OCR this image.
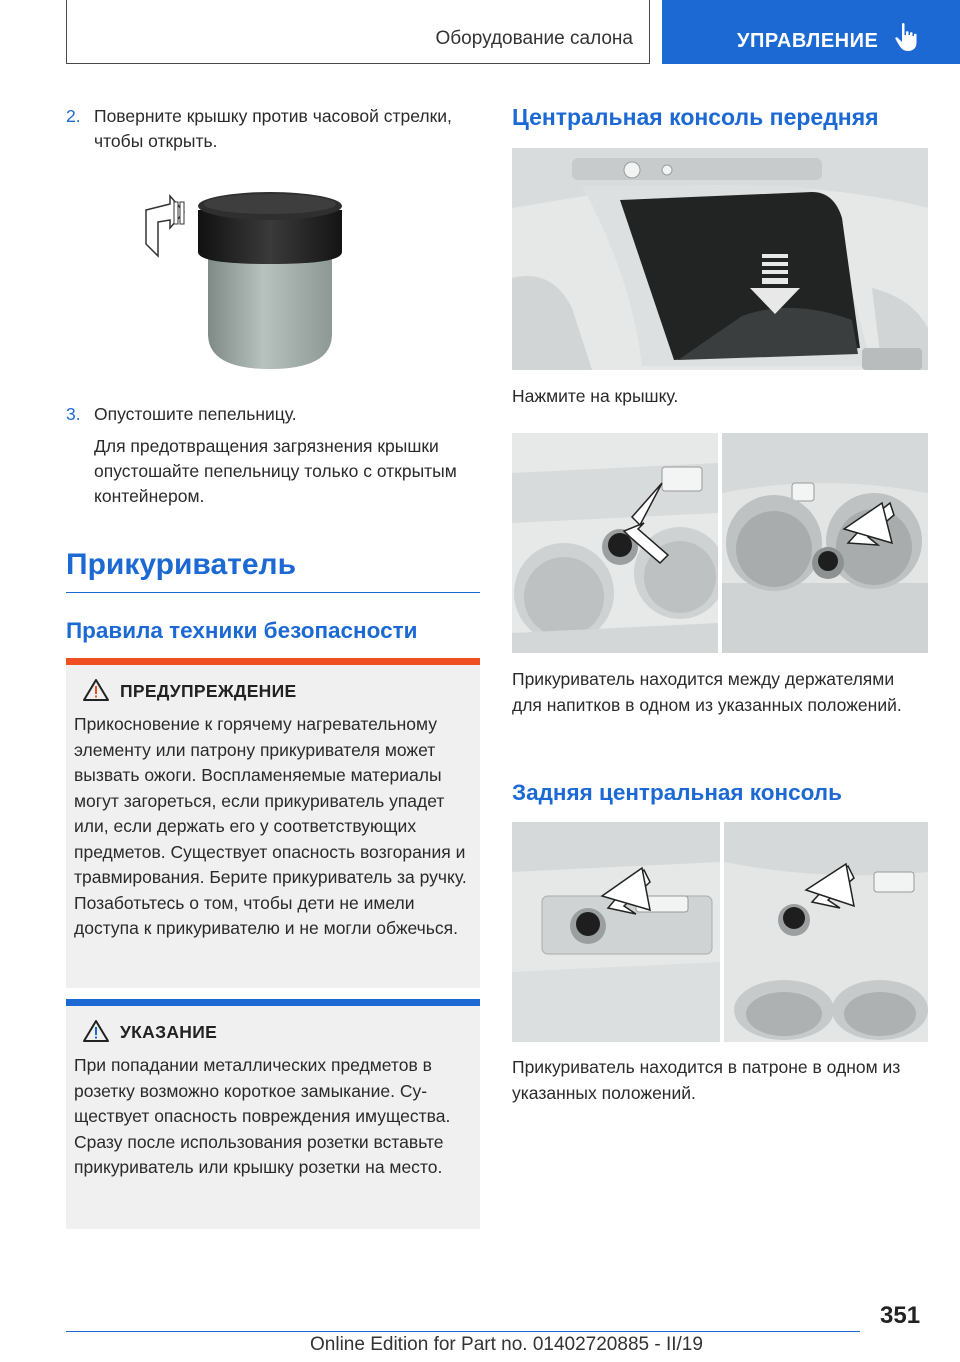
Оборудование салона	УПРАВЛЕНИЕ
2. Поверните крышку против часовой стрелки, чтобы открыть.
3. Опустошите пепельницу.
Для предотвращения загрязнения крышки опустошайте пепельницу только с открытым контейнером.
Прикуриватель
Правила техники безопасности
ПРЕДУПРЕЖДЕНИЕ
Прикосновение к горячему нагревательному элементу или патрону прикуривателя может вызвать ожоги. Воспламеняемые материалы могут загореться, если прикуриватель упадет или, если держать его у соответствующих предметов. Существует опасность возгорания и травмирования. Берите прикуриватель за ручку. Позаботьтесь о том, чтобы дети не имели доступа к прикуривателю и не могли обжечься.
УКАЗАНИЕ
При попадании металлических предметов в розетку возможно короткое замыкание. Существует опасность повреждения имущества. Сразу после использования розетки вставьте прикуриватель или крышку розетки на место.
Центральная консоль передняя
Нажмите на крышку.
Прикуриватель находится между держателями для напитков в одном из указанных положений.
Задняя центральная консоль
Прикуриватель находится в патроне в одном из указанных положений.
351
Online Edition for Part no. 01402720885 - II/19
